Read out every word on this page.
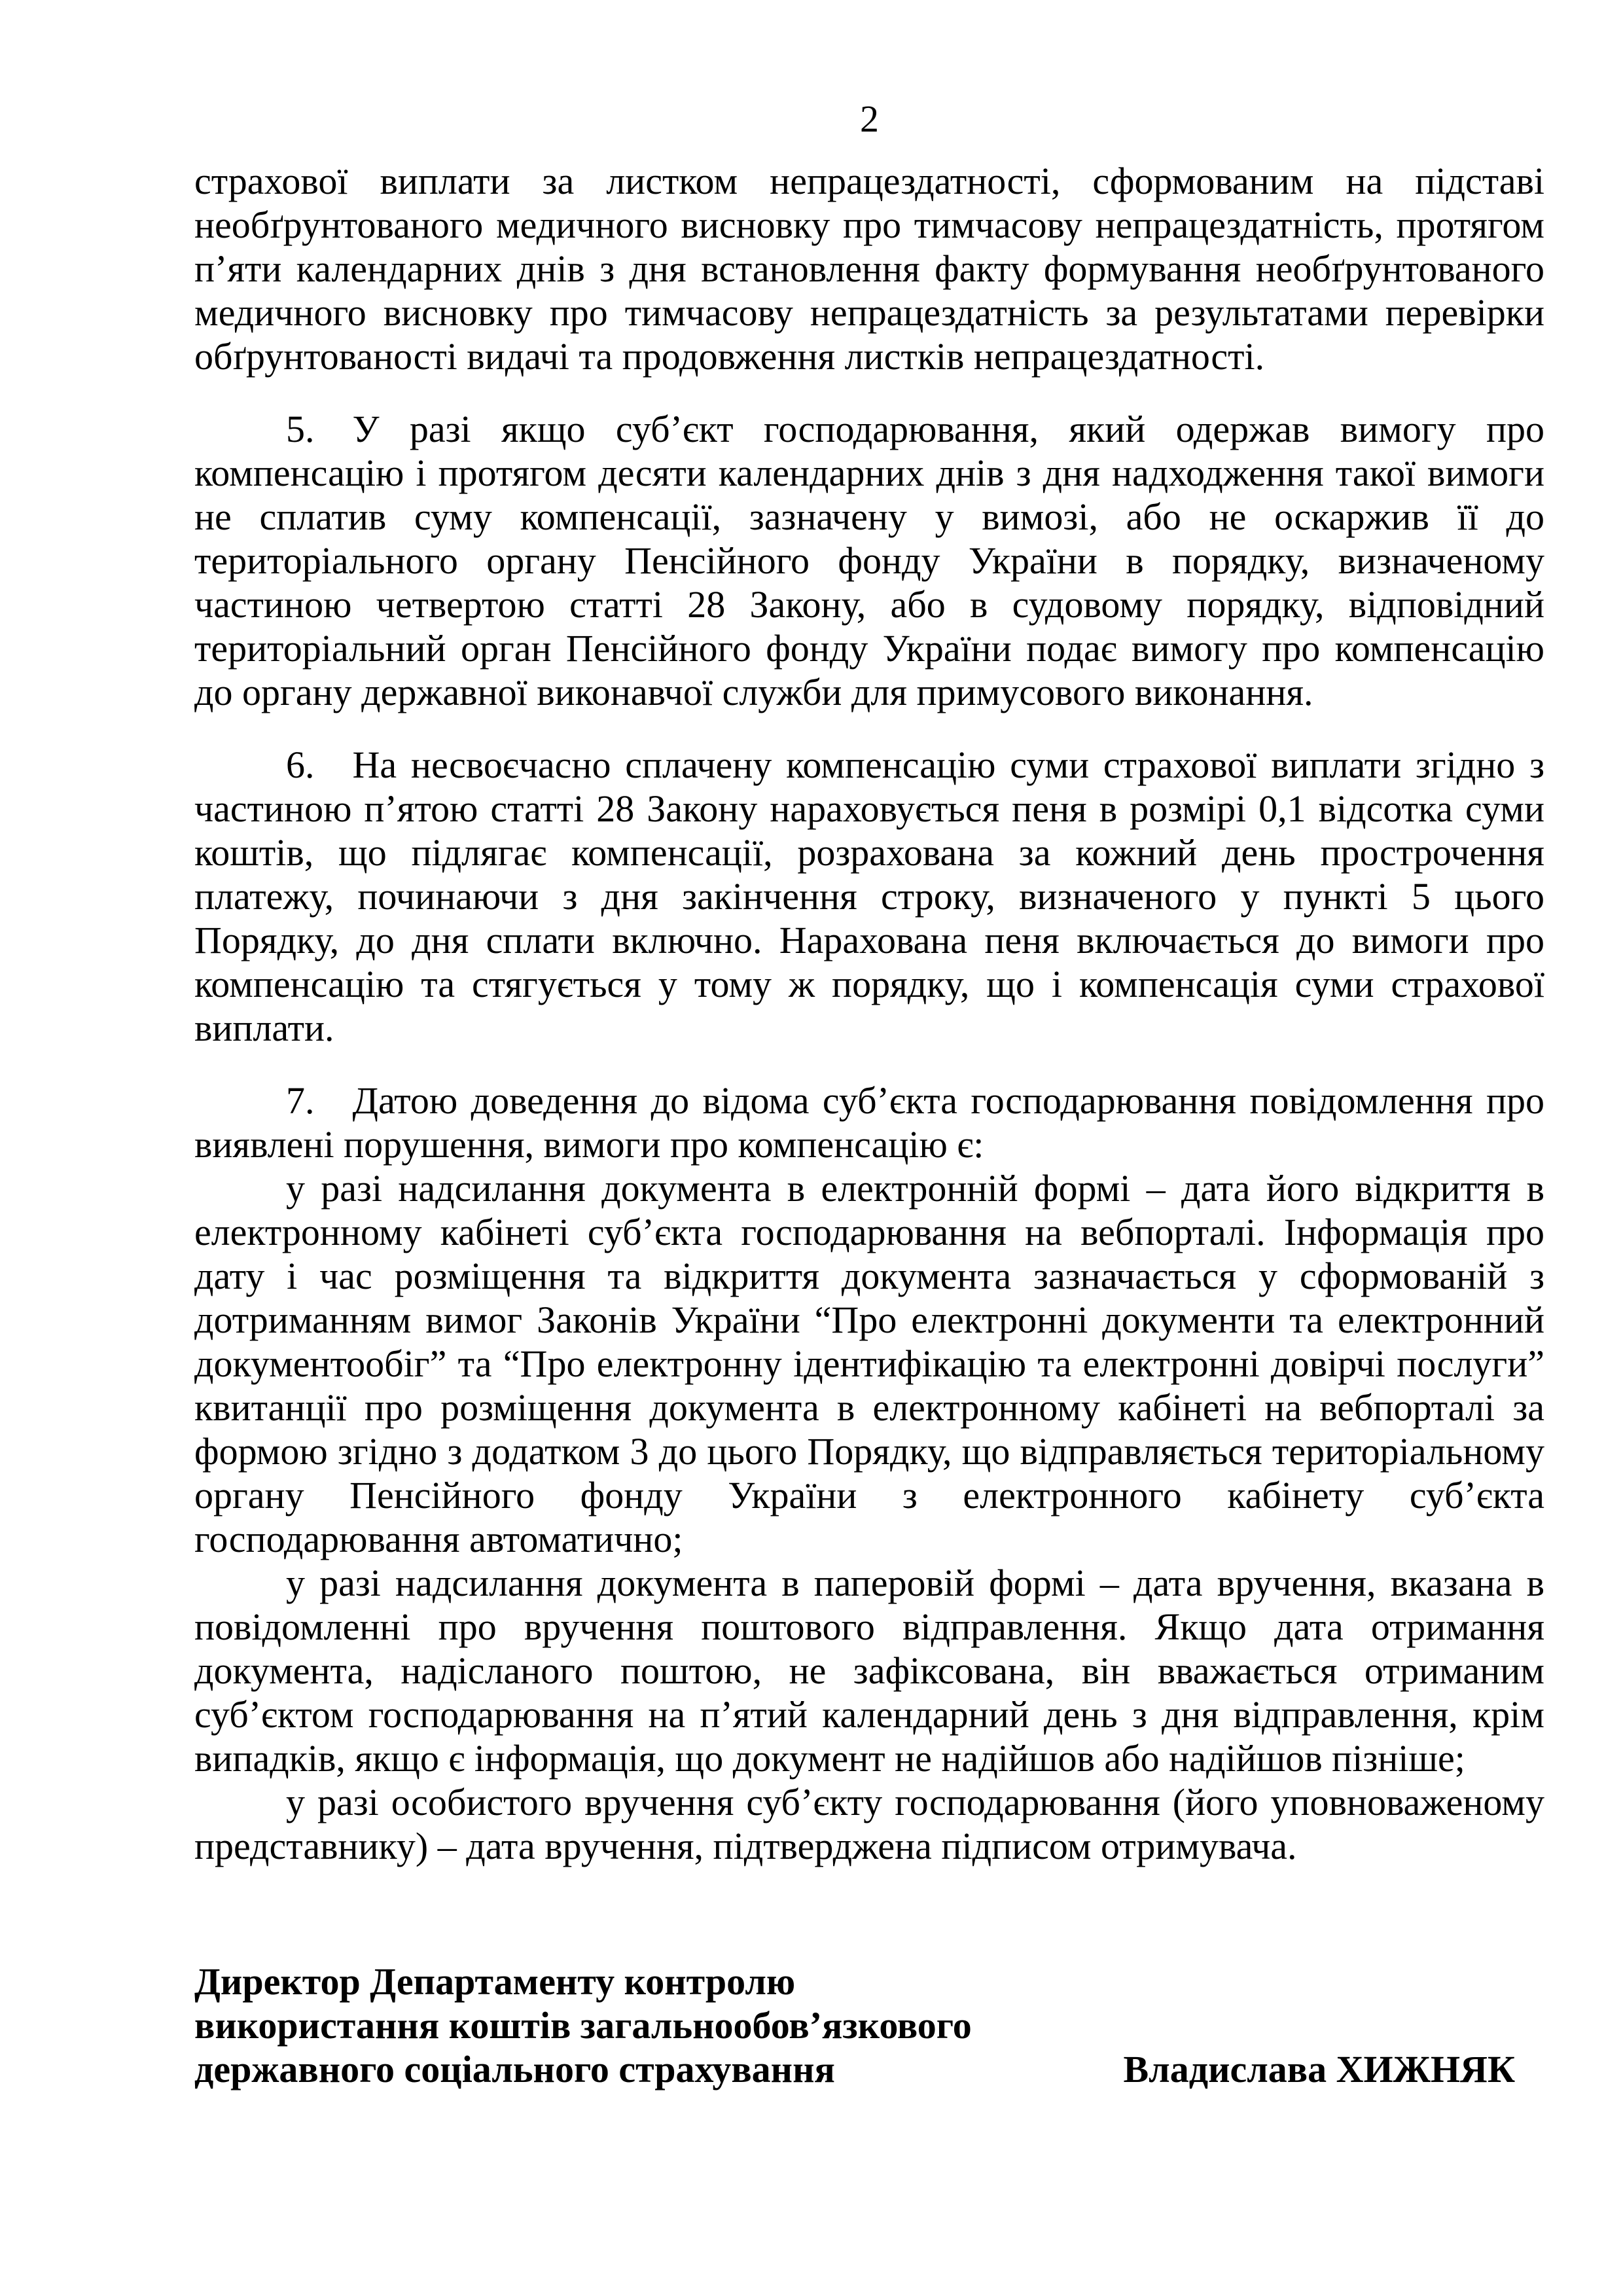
2

страхової виплати за листком непрацездатності, сформованим на підставі необґрунтованого медичного висновку про тимчасову непрацездатність, протягом п’яти календарних днів з дня встановлення факту формування необґрунтованого медичного висновку про тимчасову непрацездатність за результатами перевірки обґрунтованості видачі та продовження листків непрацездатності.

5. У разі якщо суб’єкт господарювання, який одержав вимогу про компенсацію і протягом десяти календарних днів з дня надходження такої вимоги не сплатив суму компенсації, зазначену у вимозі, або не оскаржив її до територіального органу Пенсійного фонду України в порядку, визначеному частиною четвертою статті 28 Закону, або в судовому порядку, відповідний територіальний орган Пенсійного фонду України подає вимогу про компенсацію до органу державної виконавчої служби для примусового виконання.

6. На несвоєчасно сплачену компенсацію суми страхової виплати згідно з частиною п’ятою статті 28 Закону нараховується пеня в розмірі 0,1 відсотка суми коштів, що підлягає компенсації, розрахована за кожний день прострочення платежу, починаючи з дня закінчення строку, визначеного у пункті 5 цього Порядку, до дня сплати включно. Нарахована пеня включається до вимоги про компенсацію та стягується у тому ж порядку, що і компенсація суми страхової виплати.

7. Датою доведення до відома суб’єкта господарювання повідомлення про виявлені порушення, вимоги про компенсацію є:

у разі надсилання документа в електронній формі – дата його відкриття в електронному кабінеті суб’єкта господарювання на вебпорталі. Інформація про дату і час розміщення та відкриття документа зазначається у сформованій з дотриманням вимог Законів України “Про електронні документи та електронний документообіг” та “Про електронну ідентифікацію та електронні довірчі послуги” квитанції про розміщення документа в електронному кабінеті на вебпорталі за формою згідно з додатком 3 до цього Порядку, що відправляється територіальному органу Пенсійного фонду України з електронного кабінету суб’єкта господарювання автоматично;

у разі надсилання документа в паперовій формі – дата вручення, вказана в повідомленні про вручення поштового відправлення. Якщо дата отримання документа, надісланого поштою, не зафіксована, він вважається отриманим суб’єктом господарювання на п’ятий календарний день з дня відправлення, крім випадків, якщо є інформація, що документ не надійшов або надійшов пізніше;

у разі особистого вручення суб’єкту господарювання (його уповноваженому представнику) – дата вручення, підтверджена підписом отримувача.

Директор Департаменту контролю
використання коштів загальнообов’язкового
державного соціального страхування	Владислава ХИЖНЯК
